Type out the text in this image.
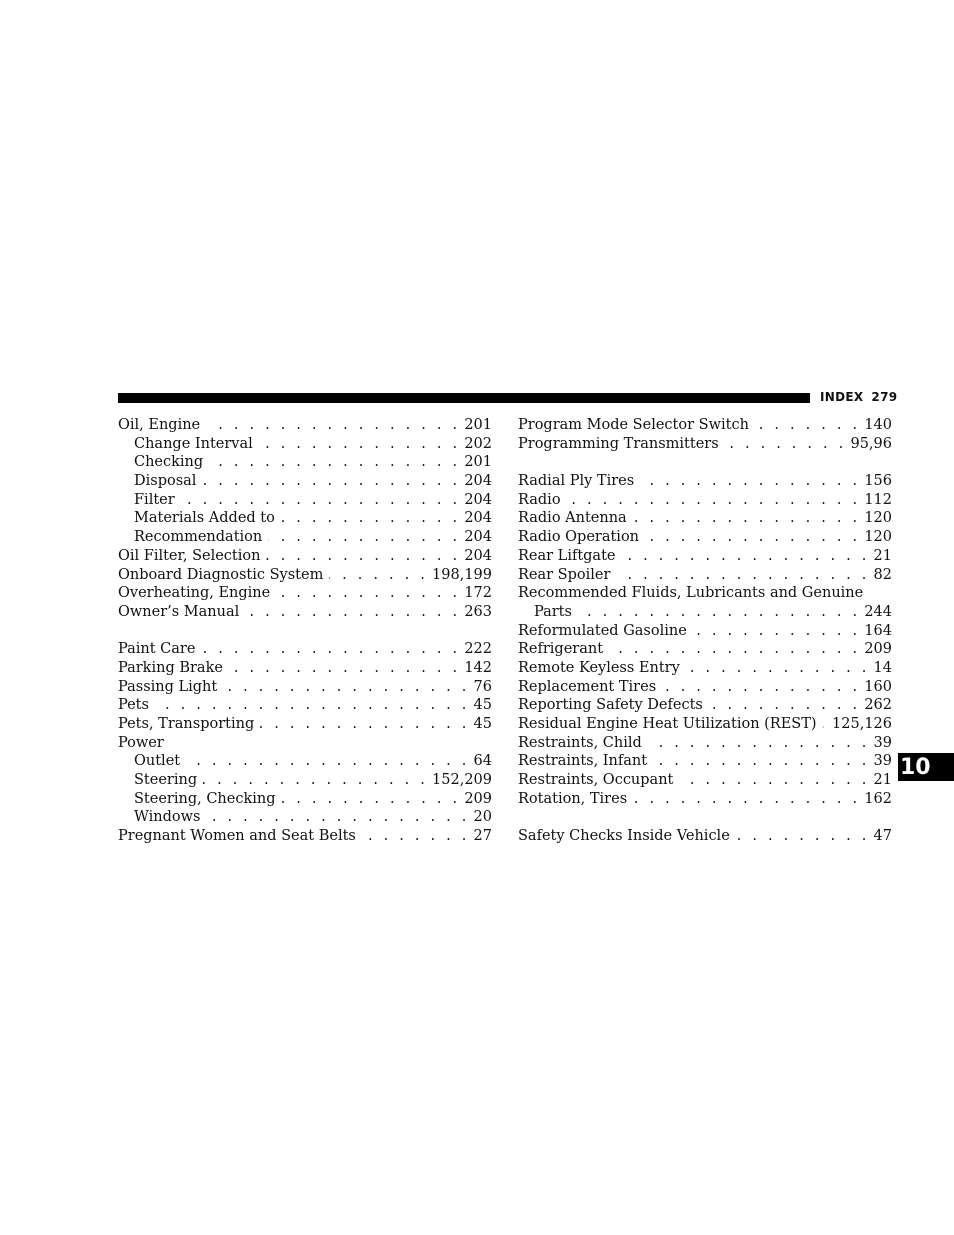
INDEX 279
Oil, Engine . . .	201
Change Interval . . .	202
Checking . . .	201
Disposal . . .	204
Filter . . .	204
Materials Added to . . .	204
Recommendation . . .	204
Oil Filter, Selection . . .	204
Onboard Diagnostic System . . .	198,199
Overheating, Engine . . .	172
Owner’s Manual . . .	263
Paint Care . . .	222
Parking Brake . . .	142
Passing Light . . .	76
Pets . . .	45
Pets, Transporting . . .	45
Power
Outlet . . .	64
Steering . . .	152,209
Steering, Checking . . .	209
Windows . . .	20
Pregnant Women and Seat Belts . . .	27
Program Mode Selector Switch . . .	140
Programming Transmitters . . .	95,96
Radial Ply Tires . . .	156
Radio . . .	112
Radio Antenna . . .	120
Radio Operation . . .	120
Rear Liftgate . . .	21
Rear Spoiler . . .	82
Recommended Fluids, Lubricants and Genuine
Parts . . .	244
Reformulated Gasoline . . .	164
Refrigerant . . .	209
Remote Keyless Entry . . .	14
Replacement Tires . . .	160
Reporting Safety Defects . . .	262
Residual Engine Heat Utilization (REST) . . . 125,126
Restraints, Child . . .	39
Restraints, Infant . . .	39
Restraints, Occupant . . .	21
Rotation, Tires . . .	162
Safety Checks Inside Vehicle . . .	47
10
